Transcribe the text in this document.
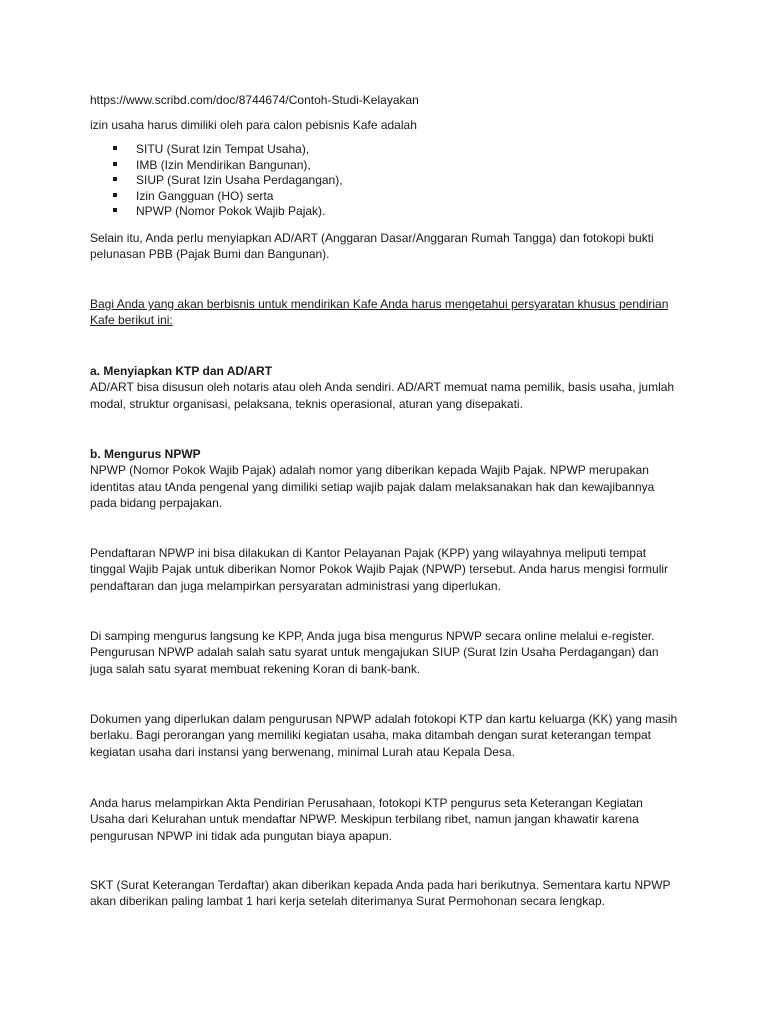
https://www.scribd.com/doc/8744674/Contoh-Studi-Kelayakan

izin usaha harus dimiliki oleh para calon pebisnis Kafe adalah

SITU (Surat Izin Tempat Usaha),
IMB (Izin Mendirikan Bangunan),
SIUP (Surat Izin Usaha Perdagangan),
Izin Gangguan (HO) serta
NPWP (Nomor Pokok Wajib Pajak).

Selain itu, Anda perlu menyiapkan AD/ART (Anggaran Dasar/Anggaran Rumah Tangga) dan fotokopi bukti
pelunasan PBB (Pajak Bumi dan Bangunan).

Bagi Anda yang akan berbisnis untuk mendirikan Kafe Anda harus mengetahui persyaratan khusus pendirian
Kafe berikut ini:

a. Menyiapkan KTP dan AD/ART
AD/ART bisa disusun oleh notaris atau oleh Anda sendiri. AD/ART memuat nama pemilik, basis usaha, jumlah
modal, struktur organisasi, pelaksana, teknis operasional, aturan yang disepakati.
b. Mengurus NPWP
NPWP (Nomor Pokok Wajib Pajak) adalah nomor yang diberikan kepada Wajib Pajak. NPWP merupakan
identitas atau tAnda pengenal yang dimiliki setiap wajib pajak dalam melaksanakan hak dan kewajibannya
pada bidang perpajakan.

Pendaftaran NPWP ini bisa dilakukan di Kantor Pelayanan Pajak (KPP) yang wilayahnya meliputi tempat
tinggal Wajib Pajak untuk diberikan Nomor Pokok Wajib Pajak (NPWP) tersebut. Anda harus mengisi formulir
pendaftaran dan juga melampirkan persyaratan administrasi yang diperlukan.

Di samping mengurus langsung ke KPP, Anda juga bisa mengurus NPWP secara online melalui e-register.
Pengurusan NPWP adalah salah satu syarat untuk mengajukan SIUP (Surat Izin Usaha Perdagangan) dan
juga salah satu syarat membuat rekening Koran di bank-bank.

Dokumen yang diperlukan dalam pengurusan NPWP adalah fotokopi KTP dan kartu keluarga (KK) yang masih
berlaku. Bagi perorangan yang memiliki kegiatan usaha, maka ditambah dengan surat keterangan tempat
kegiatan usaha dari instansi yang berwenang, minimal Lurah atau Kepala Desa.

Anda harus melampirkan Akta Pendirian Perusahaan, fotokopi KTP pengurus seta Keterangan Kegiatan
Usaha dari Kelurahan untuk mendaftar NPWP. Meskipun terbilang ribet, namun jangan khawatir karena
pengurusan NPWP ini tidak ada pungutan biaya apapun.

SKT (Surat Keterangan Terdaftar) akan diberikan kepada Anda pada hari berikutnya. Sementara kartu NPWP
akan diberikan paling lambat 1 hari kerja setelah diterimanya Surat Permohonan secara lengkap.
